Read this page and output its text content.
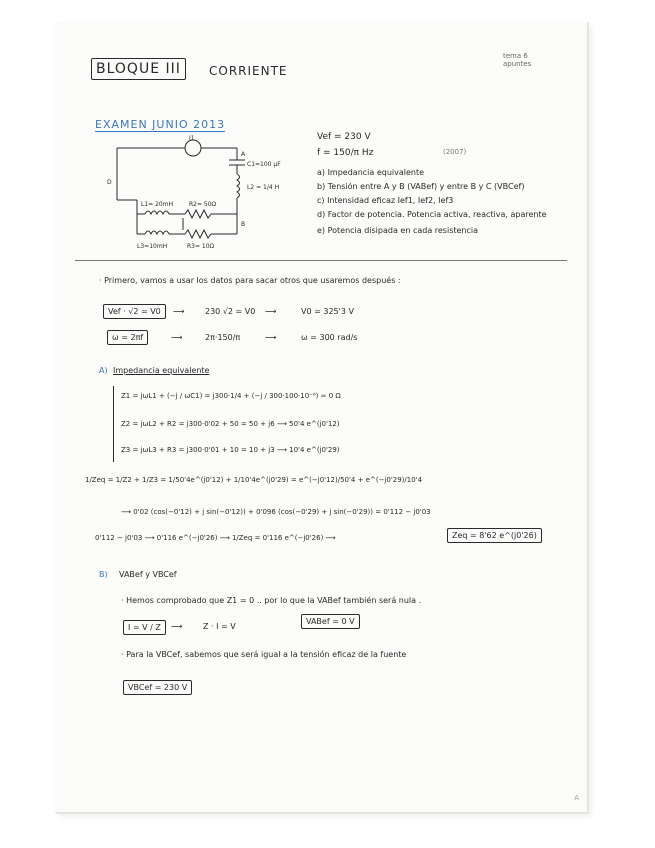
BLOQUE III	CORRIENTE
tema 6
apuntes
EXAMEN JUNIO 2013
I1
A
C1=100 μF
L2 = 1/4 H
D
L1= 20mH	R2= 50Ω
B
L3=10mH	R3= 10Ω
Vef = 230 V
f = 150/π Hz	(2007)
a) Impedancia equivalente
b) Tensión entre A y B (VABef) y entre B y C (VBCef)
c) Intensidad eficaz Ief1, Ief2, Ief3
d) Factor de potencia. Potencia activa, reactiva, aparente
e) Potencia disipada en cada resistencia
· Primero, vamos a usar los datos para sacar otros que usaremos después :
Vef · √2 = V0	⟶	230 √2 = V0 ⟶	V0 = 325'3 V
ω = 2πf	⟶	2π·150/π	⟶	ω = 300 rad/s
A) Impedancia equivalente
Z1 = jωL1 + (−j / ωC1) = j300·1/4 + (−j / 300·100·10⁻⁶) ≃ 0 Ω
Z2 = jωL2 + R2 = j300·0'02 + 50 = 50 + j6 ⟶ 50'4 e^(j0'12)
Z3 = jωL3 + R3 = j300·0'01 + 10 = 10 + j3 ⟶ 10'4 e^(j0'29)
1/Zeq = 1/Z2 + 1/Z3 = 1/50'4e^(j0'12) + 1/10'4e^(j0'29) = e^(−j0'12)/50'4 + e^(−j0'29)/10'4
⟶ 0'02 (cos(−0'12) + j sin(−0'12)) + 0'096 (cos(−0'29) + j sin(−0'29)) = 0'112 − j0'03
0'112 − j0'03 ⟶ 0'116 e^(−j0'26) ⟶ 1/Zeq = 0'116 e^(−j0'26) ⟶	Zeq = 8'62 e^(j0'26)
B) VABef y VBCef
· Hemos comprobado que Z1 = 0 .. por lo que la VABef también será nula .
I = V / Z	⟶	Z · I = V
VABef = 0 V
· Para la VBCef, sabemos que será igual a la tensión eficaz de la fuente
VBCef = 230 V
A
